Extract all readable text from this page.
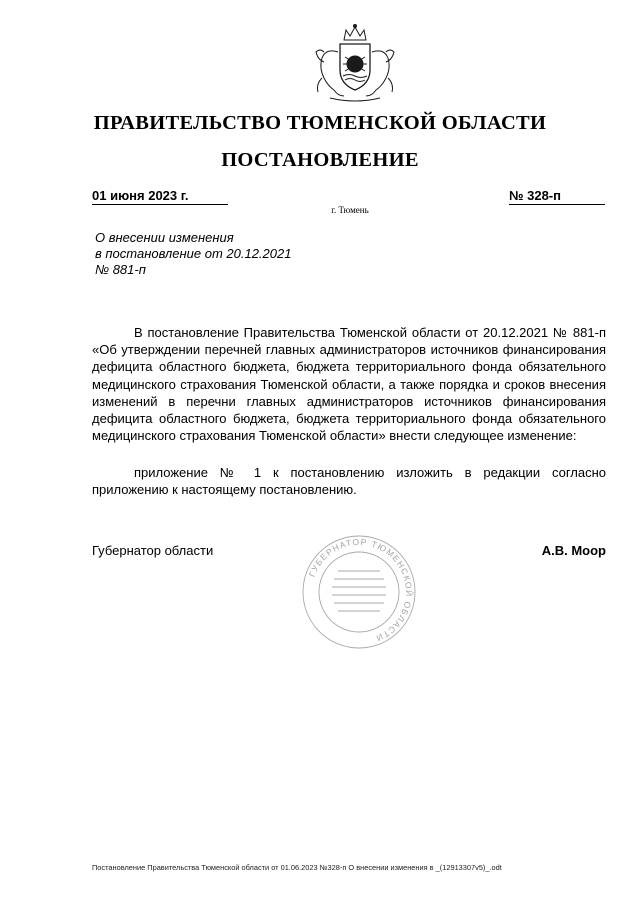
ПРАВИТЕЛЬСТВО ТЮМЕНСКОЙ ОБЛАСТИ
ПОСТАНОВЛЕНИЕ
01 июня 2023 г.	№ 328-п
г. Тюмень
О внесении изменения
в постановление от 20.12.2021
№ 881-п

В постановление Правительства Тюменской области от 20.12.2021 № 881-п «Об утверждении перечней главных администраторов источников финансирования дефицита областного бюджета, бюджета территориального фонда обязательного медицинского страхования Тюменской области, а также порядка и сроков внесения изменений в перечни главных администраторов источников финансирования дефицита областного бюджета, бюджета территориального фонда обязательного медицинского страхования Тюменской области» внести следующее изменение:

приложение № 1 к постановлению изложить в редакции согласно приложению к настоящему постановлению.

ГУБЕРНАТОР ТЮМЕНСКОЙ ОБЛАСТИ
Губернатор области	А.В. Моор
Постановление Правительства Тюменской области от 01.06.2023 №328-п О внесении изменения в _(12913307v5)_.odt
